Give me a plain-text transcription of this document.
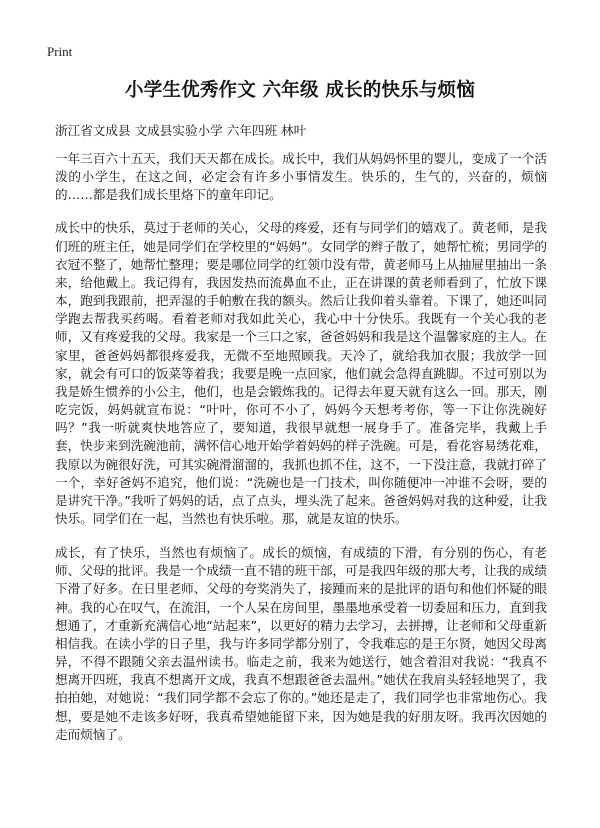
Print
小学生优秀作文 六年级 成长的快乐与烦恼
浙江省文成县 文成县实验小学 六年四班 林叶

一年三百六十五天，我们天天都在成长。成长中，我们从妈妈怀里的婴儿，变成了一个活泼的小学生，在这之间，必定会有许多小事情发生。快乐的，生气的，兴奋的，烦恼的……都是我们成长里烙下的童年印记。

成长中的快乐，莫过于老师的关心，父母的疼爱，还有与同学们的嬉戏了。黄老师，是我们班的班主任，她是同学们在学校里的“妈妈”。女同学的辫子散了，她帮忙梳；男同学的衣冠不整了，她帮忙整理；要是哪位同学的红领巾没有带，黄老师马上从抽屉里抽出一条来，给他戴上。我记得有，我因发热而流鼻血不止，正在讲课的黄老师看到了，忙放下课本，跑到我跟前，把弄湿的手帕敷在我的额头。然后让我仰着头靠着。下课了，她还叫同学跑去帮我买药喝。看着老师对我如此关心，我心中十分快乐。我既有一个关心我的老师，又有疼爱我的父母。我家是一个三口之家，爸爸妈妈和我是这个温馨家庭的主人。在家里，爸爸妈妈都很疼爱我，无微不至地照顾我。天冷了，就给我加衣服；我放学一回家，就会有可口的饭菜等着我；我要是晚一点回家，他们就会急得直跳脚。不过可别以为我是娇生惯养的小公主，他们，也是会锻炼我的。记得去年夏天就有这么一回。那天，刚吃完饭，妈妈就宣布说：“叶叶，你可不小了，妈妈今天想考考你，等一下让你洗碗好吗？”我一听就爽快地答应了，要知道，我很早就想一展身手了。准备完毕，我戴上手套，快步来到洗碗池前，满怀信心地开始学着妈妈的样子洗碗。可是，看花容易绣花难，我原以为碗很好洗，可其实碗滑溜溜的，我抓也抓不住，这不，一下没注意，我就打碎了一个，幸好爸妈不追究，他们说：“洗碗也是一门技术，叫你随便冲一冲谁不会呀，要的是讲究干净。”我听了妈妈的话，点了点头，埋头洗了起来。爸爸妈妈对我的这种爱，让我快乐。同学们在一起，当然也有快乐啦。那，就是友谊的快乐。

成长，有了快乐，当然也有烦恼了。成长的烦恼，有成绩的下滑，有分别的伤心，有老师、父母的批评。我是一个成绩一直不错的班干部，可是我四年级的那大考，让我的成绩下滑了好多。在日里老师、父母的夸奖消失了，接踵而来的是批评的语句和他们怀疑的眼神。我的心在叹气，在流泪，一个人呆在房间里，墨墨地承受着一切委屈和压力，直到我想通了，才重新充满信心地“站起来”，以更好的精力去学习，去拼搏，让老师和父母重新相信我。在读小学的日子里，我与许多同学都分别了，令我难忘的是王尔贤，她因父母离异，不得不跟随父亲去温州读书。临走之前，我来为她送行，她含着泪对我说：“我真不想离开四班，我真不想离开文成，我真不想跟爸爸去温州。”她伏在我肩头轻轻地哭了，我拍拍她，对她说：“我们同学都不会忘了你的。”她还是走了，我们同学也非常地伤心。我想，要是她不走该多好呀，我真希望她能留下来，因为她是我的好朋友呀。我再次因她的走而烦恼了。
